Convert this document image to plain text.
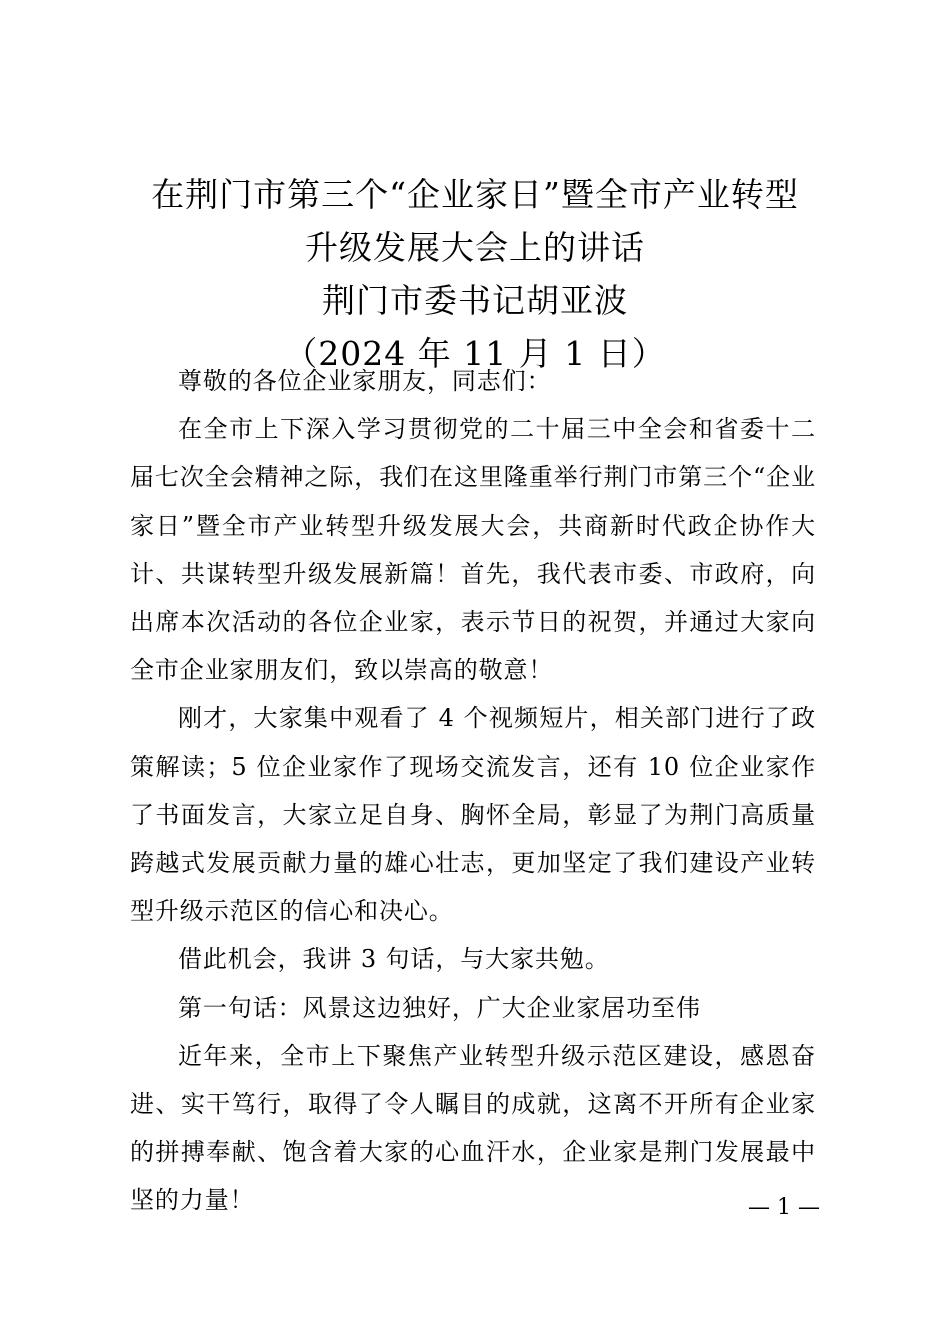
在荆门市第三个“企业家日”暨全市产业转型
升级发展大会上的讲话
荆门市委书记胡亚波
（2024 年 11 月 1 日）

尊敬的各位企业家朋友，同志们：

在全市上下深入学习贯彻党的二十届三中全会和省委十二届七次全会精神之际，我们在这里隆重举行荆门市第三个“企业家日”暨全市产业转型升级发展大会，共商新时代政企协作大计、共谋转型升级发展新篇！首先，我代表市委、市政府，向出席本次活动的各位企业家，表示节日的祝贺，并通过大家向全市企业家朋友们，致以崇高的敬意！

刚才，大家集中观看了 4 个视频短片，相关部门进行了政策解读；5 位企业家作了现场交流发言，还有 10 位企业家作了书面发言，大家立足自身、胸怀全局，彰显了为荆门高质量跨越式发展贡献力量的雄心壮志，更加坚定了我们建设产业转型升级示范区的信心和决心。

借此机会，我讲 3 句话，与大家共勉。

第一句话：风景这边独好，广大企业家居功至伟

近年来，全市上下聚焦产业转型升级示范区建设，感恩奋进、实干笃行，取得了令人瞩目的成就，这离不开所有企业家的拼搏奉献、饱含着大家的心血汗水，企业家是荆门发展最中坚的力量！	— 1 —
